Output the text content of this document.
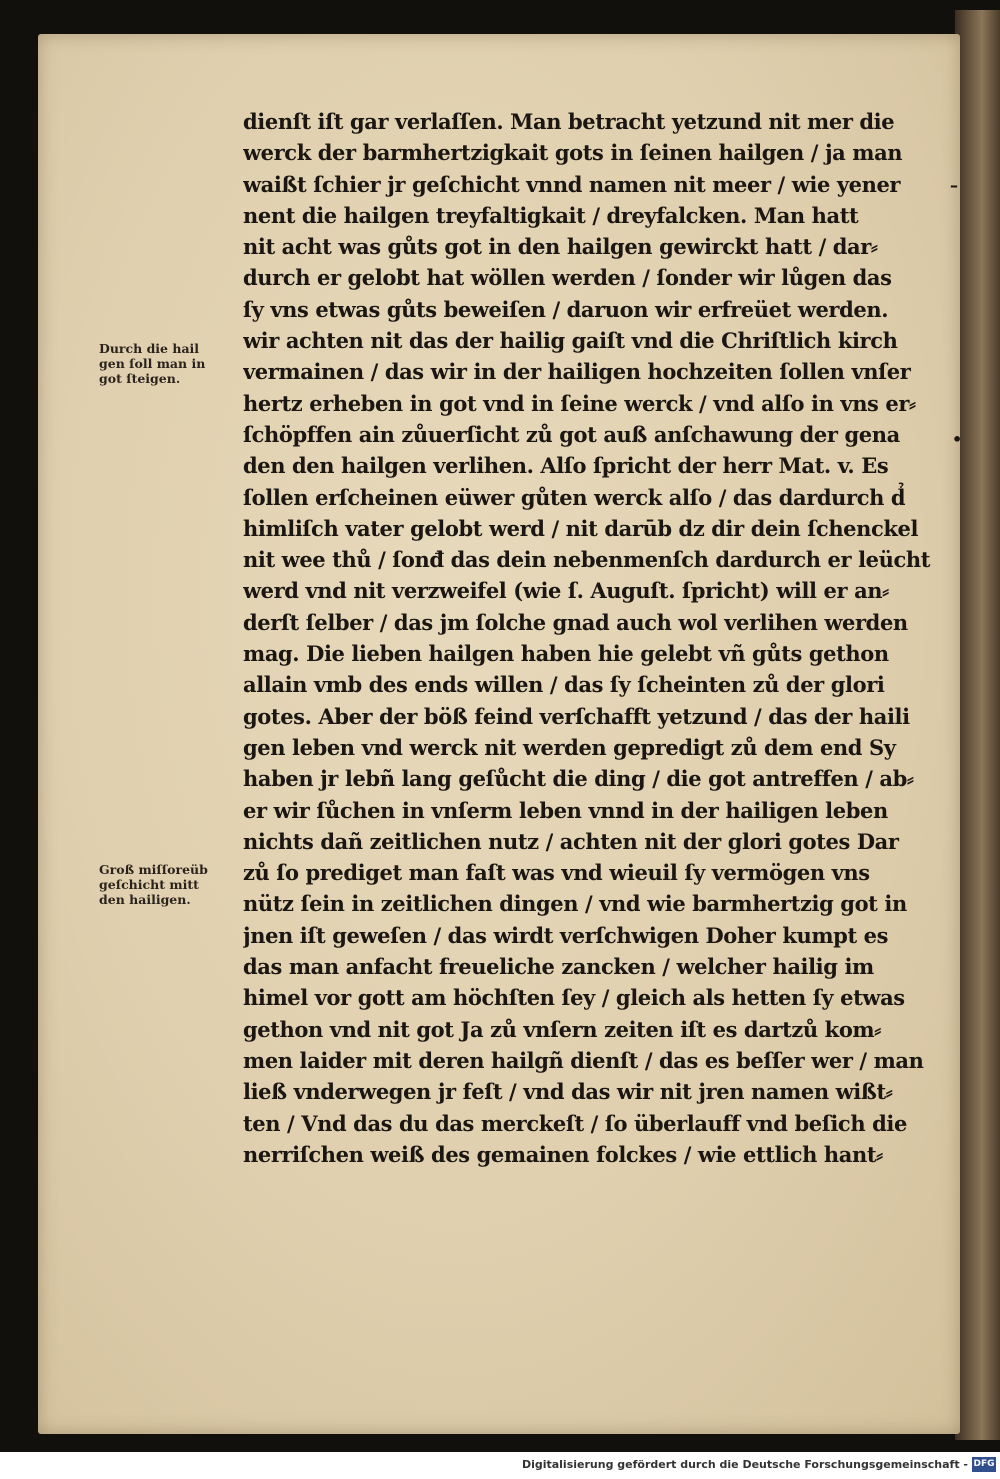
dienſt iſt gar verlaſſen. Man betracht yetzund nit mer die
werck der barmhertzigkait gots in ſeinen hailgen / ja man
waißt ſchier jr geſchicht vnnd namen nit meer / wie yener
nent die hailgen treyfaltigkait / dreyfalcken. Man hatt
nit acht was gůts got in den hailgen gewirckt hatt / dar⸗
durch er gelobt hat wöllen werden / ſonder wir lůgen das
ſy vns etwas gůts beweiſen / daruon wir erfreüet werden.
wir achten nit das der hailig gaiſt vnd die Chriſtlich kirch
vermainen / das wir in der hailigen hochzeiten ſollen vnſer
hertz erheben in got vnd in ſeine werck / vnd alſo in vns er⸗
ſchöpffen ain zůuerſicht zů got auß anſchawung der gena
den den hailgen verlihen. Alſo ſpricht der herr Mat. v. Es
ſollen erſcheinen eüwer gůten werck alſo / das dardurch d̉
himliſch vater gelobt werd / nit darūb dz dir dein ſchenckel
nit wee thů / ſonđ das dein nebenmenſch dardurch er leücht
werd vnd nit verzweifel (wie ſ. Auguſt. ſpricht) will er an⸗
derſt ſelber / das jm ſolche gnad auch wol verlihen werden
mag. Die lieben hailgen haben hie gelebt vñ gůts gethon
allain vmb des ends willen / das ſy ſcheinten zů der glori
gotes. Aber der böß feind verſchafft yetzund / das der haili
gen leben vnd werck nit werden gepredigt zů dem end Sy
haben jr lebñ lang geſůcht die ding / die got antreffen / ab⸗
er wir ſůchen in vnſerm leben vnnd in der hailigen leben
nichts dañ zeitlichen nutz / achten nit der glori gotes Dar
zů ſo prediget man faſt was vnd wieuil ſy vermögen vns
nütz ſein in zeitlichen dingen / vnd wie barmhertzig got in
jnen iſt geweſen / das wirdt verſchwigen Doher kumpt es
das man anfacht freueliche zancken / welcher hailig im
himel vor gott am höchſten ſey / gleich als hetten ſy etwas
gethon vnd nit got Ja zů vnſern zeiten iſt es dartzů kom⸗
men laider mit deren hailgñ dienſt / das es beſſer wer / man
ließ vnderwegen jr feſt / vnd das wir nit jren namen wißt⸗
ten / Vnd das du das merckeſt / ſo überlauff vnd beſich die
nerriſchen weiß des gemainen folckes / wie ettlich hant⸗
Durch die hail
gen ſoll man in
got ſteigen.
Groß miſſoreüb
geſchicht mitt
den hailigen.
–
•
Digitalisierung gefördert durch die Deutsche Forschungsgemeinschaft - DFG
